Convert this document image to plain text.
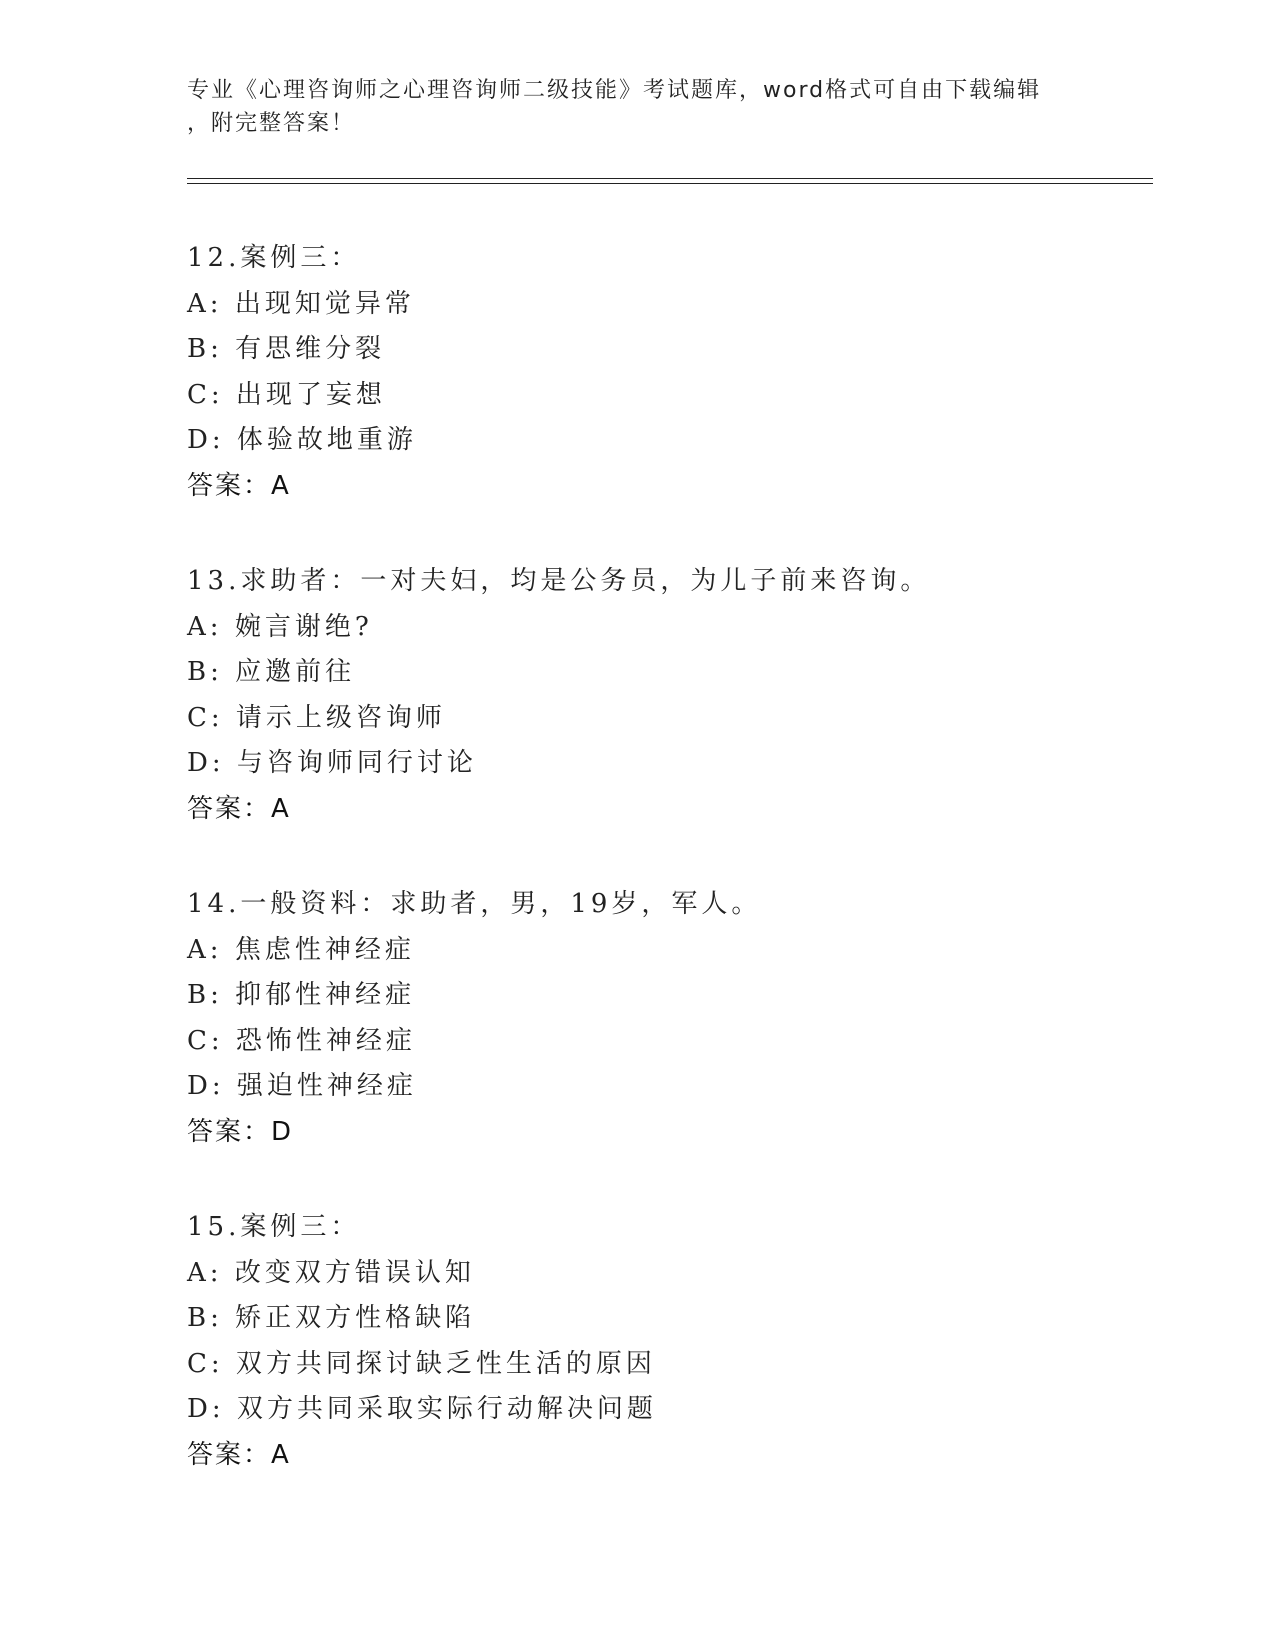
专业《心理咨询师之心理咨询师二级技能》考试题库，word格式可自由下载编辑
，附完整答案！
12.案例三：
A: 出现知觉异常
B: 有思维分裂
C: 出现了妄想
D: 体验故地重游
答案：A
13.求助者：一对夫妇，均是公务员，为儿子前来咨询。
A: 婉言谢绝?
B: 应邀前往
C: 请示上级咨询师
D: 与咨询师同行讨论
答案：A
14.一般资料：求助者，男，19岁，军人。
A: 焦虑性神经症
B: 抑郁性神经症
C: 恐怖性神经症
D: 强迫性神经症
答案：D
15.案例三：
A: 改变双方错误认知
B: 矫正双方性格缺陷
C: 双方共同探讨缺乏性生活的原因
D: 双方共同采取实际行动解决问题
答案：A
